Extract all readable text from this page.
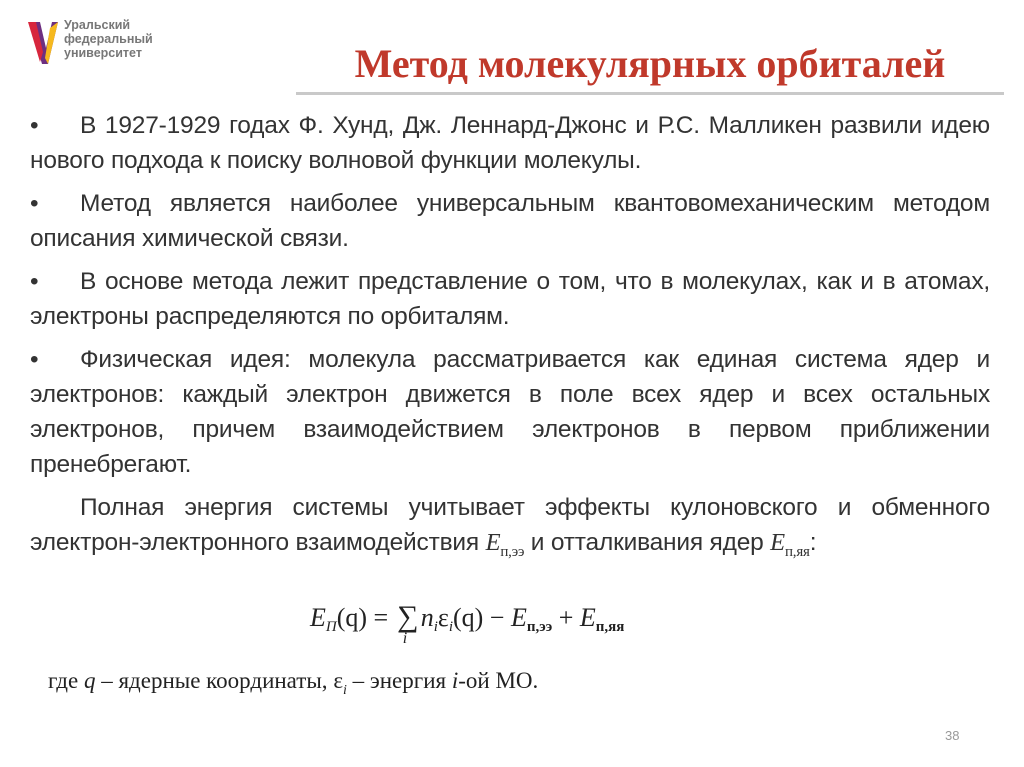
Уральский
федеральный
университет	Метод молекулярных орбиталей

• В 1927-1929 годах Ф. Хунд, Дж. Леннард-Джонс и Р.С. Малликен развили идею нового подхода к поиску волновой функции молекулы.

• Метод является наиболее универсальным квантовомеханическим методом описания химической связи.

• В основе метода лежит представление о том, что в молекулах, как и в атомах, электроны распределяются по орбиталям.

• Физическая идея: молекула рассматривается как единая система ядер и электронов: каждый электрон движется в поле всех ядер и всех остальных электронов, причем взаимодействием электронов в первом приближении пренебрегают.

Полная энергия системы учитывает эффекты кулоновского и обменного электрон-электронного взаимодействия $E_{п,ээ}$ и отталкивания ядер $E_{п,яя}$:

EП(q) = ∑
i
niεi(q) − Eп,ээ + Eп,яя
где q – ядерные координаты, $\varepsilon_i$ – энергия i-ой МО.
38
